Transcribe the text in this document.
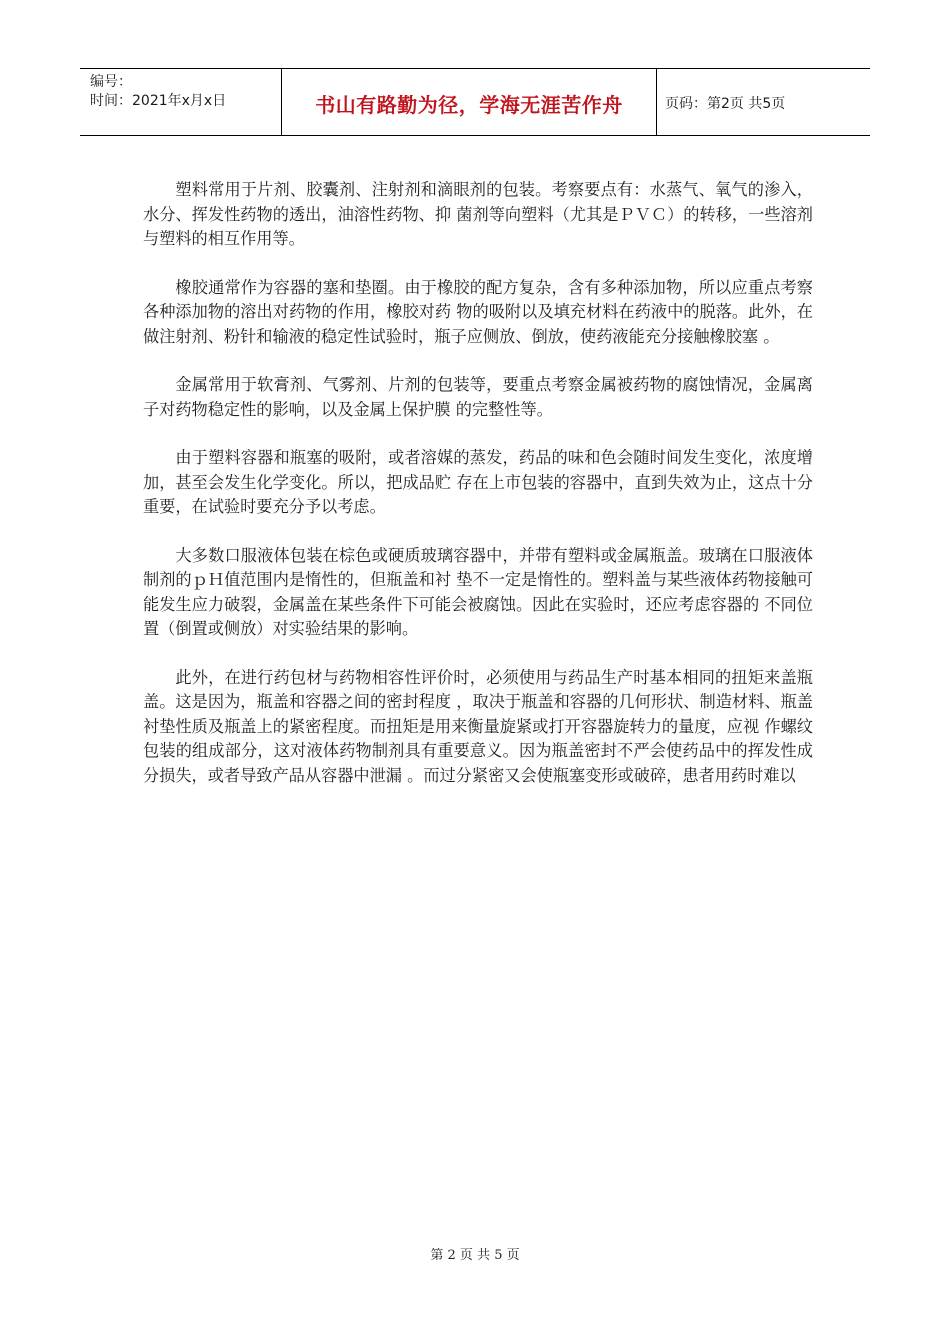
编号：
时间：2021年x月x日	书山有路勤为径，学海无涯苦作舟	页码：第2页 共5页

塑料常用于片剂、胶囊剂、注射剂和滴眼剂的包装。考察要点有：水蒸气、氧气的渗入，水分、挥发性药物的透出，油溶性药物、抑 菌剂等向塑料（尤其是ＰＶＣ）的转移，一些溶剂与塑料的相互作用等。

橡胶通常作为容器的塞和垫圈。由于橡胶的配方复杂，含有多种添加物，所以应重点考察各种添加物的溶出对药物的作用，橡胶对药 物的吸附以及填充材料在药液中的脱落。此外，在做注射剂、粉针和输液的稳定性试验时，瓶子应侧放、倒放，使药液能充分接触橡胶塞 。

金属常用于软膏剂、气雾剂、片剂的包装等，要重点考察金属被药物的腐蚀情况，金属离子对药物稳定性的影响，以及金属上保护膜 的完整性等。

由于塑料容器和瓶塞的吸附，或者溶媒的蒸发，药品的味和色会随时间发生变化，浓度增加，甚至会发生化学变化。所以，把成品贮 存在上市包装的容器中，直到失效为止，这点十分重要，在试验时要充分予以考虑。

大多数口服液体包装在棕色或硬质玻璃容器中，并带有塑料或金属瓶盖。玻璃在口服液体制剂的ｐＨ值范围内是惰性的，但瓶盖和衬 垫不一定是惰性的。塑料盖与某些液体药物接触可能发生应力破裂，金属盖在某些条件下可能会被腐蚀。因此在实验时，还应考虑容器的 不同位置（倒置或侧放）对实验结果的影响。

此外，在进行药包材与药物相容性评价时，必须使用与药品生产时基本相同的扭矩来盖瓶盖。这是因为，瓶盖和容器之间的密封程度 ，取决于瓶盖和容器的几何形状、制造材料、瓶盖衬垫性质及瓶盖上的紧密程度。而扭矩是用来衡量旋紧或打开容器旋转力的量度，应视 作螺纹包装的组成部分，这对液体药物制剂具有重要意义。因为瓶盖密封不严会使药品中的挥发性成分损失，或者导致产品从容器中泄漏 。而过分紧密又会使瓶塞变形或破碎，患者用药时难以

第 2 页 共 5 页
